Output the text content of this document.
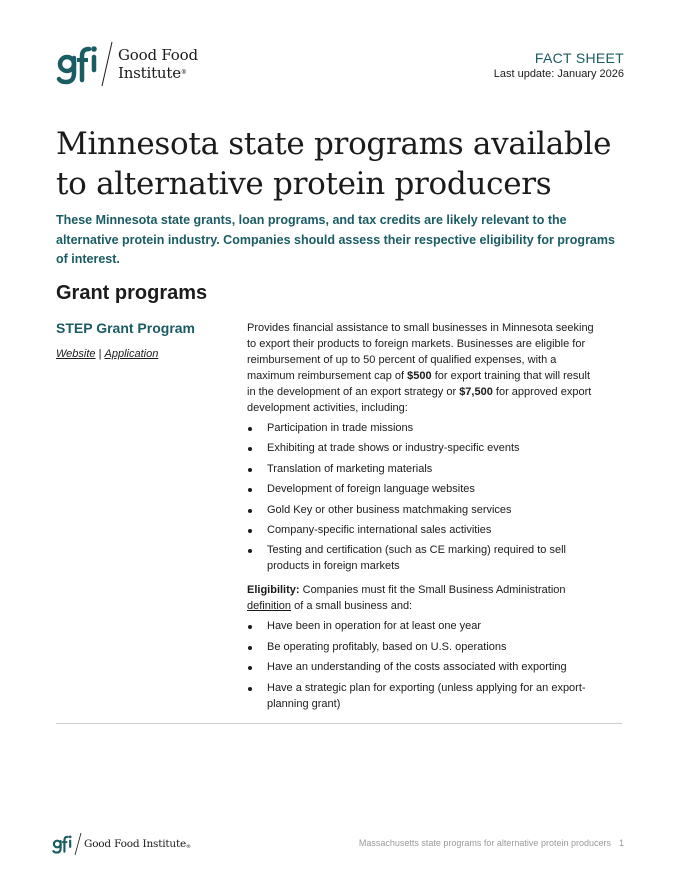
Good Food
Institute®
FACT SHEET
Last update: January 2026
Minnesota state programs available
to alternative protein producers

These Minnesota state grants, loan programs, and tax credits are likely relevant to the alternative protein industry. Companies should assess their respective eligibility for programs of interest.

Grant programs
STEP Grant Program
Website | Application

Provides financial assistance to small businesses in Minnesota seeking to export their products to foreign markets. Businesses are eligible for reimbursement of up to 50 percent of qualified expenses, with a maximum reimbursement cap of $500 for export training that will result in the development of an export strategy or $7,500 for approved export development activities, including:

Participation in trade missions
Exhibiting at trade shows or industry-specific events
Translation of marketing materials
Development of foreign language websites
Gold Key or other business matchmaking services
Company-specific international sales activities
Testing and certification (such as CE marking) required to sell products in foreign markets

Eligibility: Companies must fit the Small Business Administration definition of a small business and:

Have been in operation for at least one year
Be operating profitably, based on U.S. operations
Have an understanding of the costs associated with exporting
Have a strategic plan for exporting (unless applying for an export-planning grant)
Good Food Institute®	Massachusetts state programs for alternative protein producers 1
